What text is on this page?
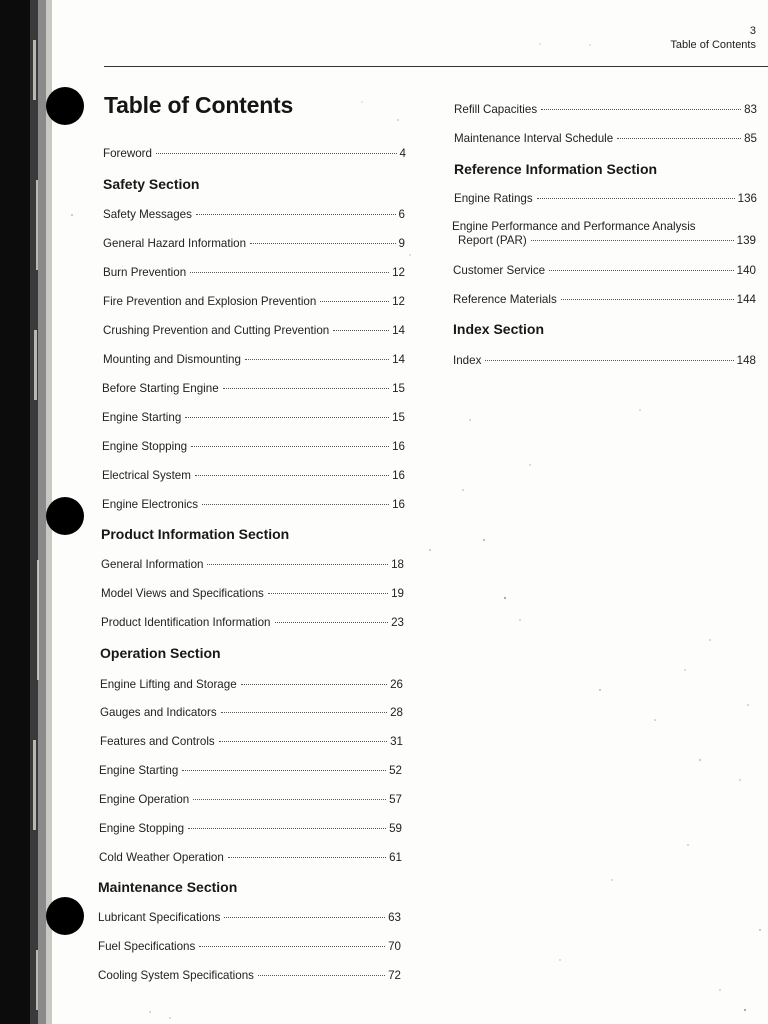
3
Table of Contents
Table of Contents
Foreword	4
Safety Section
Safety Messages	6
General Hazard Information	9
Burn Prevention	12
Fire Prevention and Explosion Prevention	12
Crushing Prevention and Cutting Prevention	14
Mounting and Dismounting	14
Before Starting Engine	15
Engine Starting	15
Engine Stopping	16
Electrical System	16
Engine Electronics	16
Product Information Section
General Information	18
Model Views and Specifications	19
Product Identification Information	23
Operation Section
Engine Lifting and Storage	26
Gauges and Indicators	28
Features and Controls	31
Engine Starting	52
Engine Operation	57
Engine Stopping	59
Cold Weather Operation	61
Maintenance Section
Lubricant Specifications	63
Fuel Specifications	70
Cooling System Specifications	72
Refill Capacities	83
Maintenance Interval Schedule	85
Reference Information Section
Engine Ratings	136
Engine Performance and Performance Analysis
Report (PAR)	139
Customer Service	140
Reference Materials	144
Index Section
Index	148
